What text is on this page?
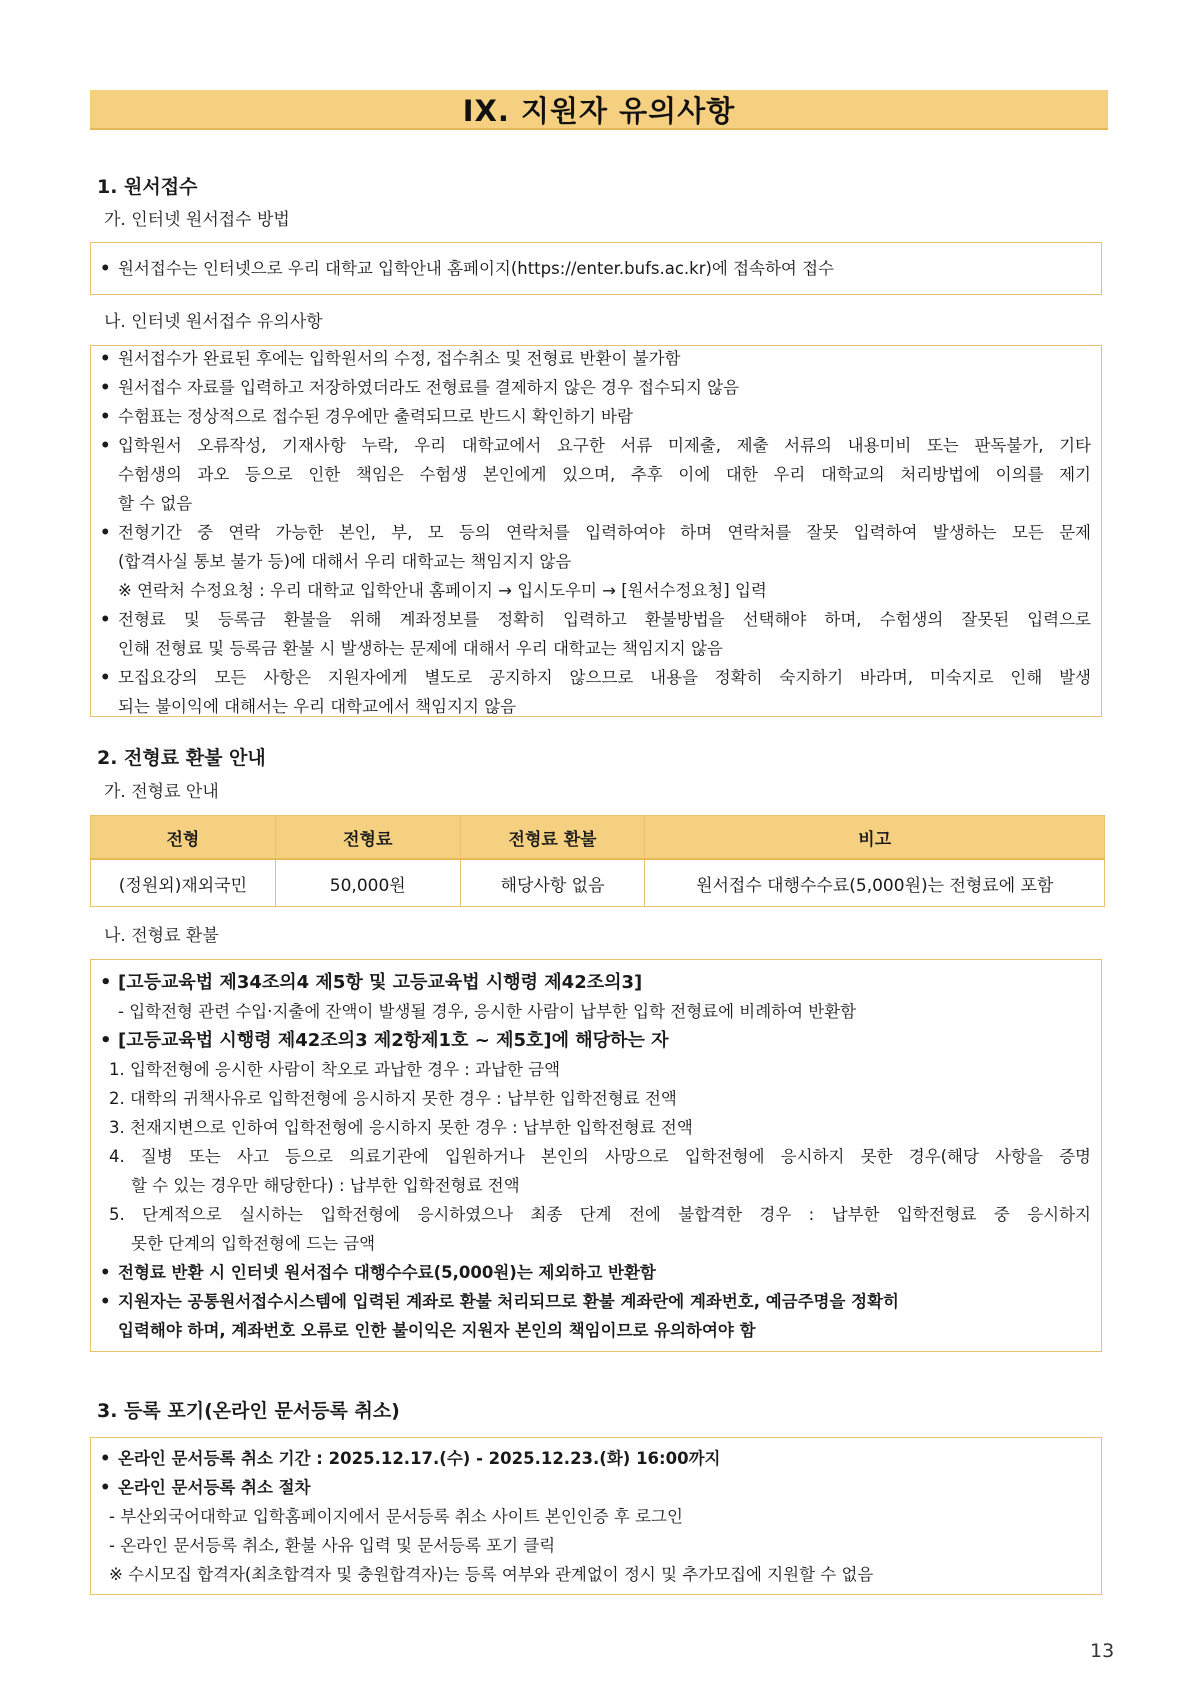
IX. 지원자 유의사항
1. 원서접수
가. 인터넷 원서접수 방법
• 원서접수는 인터넷으로 우리 대학교 입학안내 홈페이지(https://enter.bufs.ac.kr)에 접속하여 접수
나. 인터넷 원서접수 유의사항
• 원서접수가 완료된 후에는 입학원서의 수정, 접수취소 및 전형료 반환이 불가함
• 원서접수 자료를 입력하고 저장하였더라도 전형료를 결제하지 않은 경우 접수되지 않음
• 수험표는 정상적으로 접수된 경우에만 출력되므로 반드시 확인하기 바람
• 입학원서 오류작성, 기재사항 누락, 우리 대학교에서 요구한 서류 미제출, 제출 서류의 내용미비 또는 판독불가, 기타
수험생의 과오 등으로 인한 책임은 수험생 본인에게 있으며, 추후 이에 대한 우리 대학교의 처리방법에 이의를 제기
할 수 없음
• 전형기간 중 연락 가능한 본인, 부, 모 등의 연락처를 입력하여야 하며 연락처를 잘못 입력하여 발생하는 모든 문제
(합격사실 통보 불가 등)에 대해서 우리 대학교는 책임지지 않음
※ 연락처 수정요청 : 우리 대학교 입학안내 홈페이지 → 입시도우미 → [원서수정요청] 입력
• 전형료 및 등록금 환불을 위해 계좌정보를 정확히 입력하고 환불방법을 선택해야 하며, 수험생의 잘못된 입력으로
인해 전형료 및 등록금 환불 시 발생하는 문제에 대해서 우리 대학교는 책임지지 않음
• 모집요강의 모든 사항은 지원자에게 별도로 공지하지 않으므로 내용을 정확히 숙지하기 바라며, 미숙지로 인해 발생
되는 불이익에 대해서는 우리 대학교에서 책임지지 않음
2. 전형료 환불 안내
가. 전형료 안내
전형	전형료	전형료 환불	비고
(정원외)재외국민	50,000원	해당사항 없음	원서접수 대행수수료(5,000원)는 전형료에 포함
나. 전형료 환불
• [고등교육법 제34조의4 제5항 및 고등교육법 시행령 제42조의3]
- 입학전형 관련 수입·지출에 잔액이 발생될 경우, 응시한 사람이 납부한 입학 전형료에 비례하여 반환함
• [고등교육법 시행령 제42조의3 제2항제1호 ~ 제5호]에 해당하는 자
1. 입학전형에 응시한 사람이 착오로 과납한 경우 : 과납한 금액
2. 대학의 귀책사유로 입학전형에 응시하지 못한 경우 : 납부한 입학전형료 전액
3. 천재지변으로 인하여 입학전형에 응시하지 못한 경우 : 납부한 입학전형료 전액
4. 질병 또는 사고 등으로 의료기관에 입원하거나 본인의 사망으로 입학전형에 응시하지 못한 경우(해당 사항을 증명
할 수 있는 경우만 해당한다) : 납부한 입학전형료 전액
5. 단계적으로 실시하는 입학전형에 응시하였으나 최종 단계 전에 불합격한 경우 : 납부한 입학전형료 중 응시하지
못한 단계의 입학전형에 드는 금액
• 전형료 반환 시 인터넷 원서접수 대행수수료(5,000원)는 제외하고 반환함
• 지원자는 공통원서접수시스템에 입력된 계좌로 환불 처리되므로 환불 계좌란에 계좌번호, 예금주명을 정확히
입력해야 하며, 계좌번호 오류로 인한 불이익은 지원자 본인의 책임이므로 유의하여야 함
3. 등록 포기(온라인 문서등록 취소)
• 온라인 문서등록 취소 기간 : 2025.12.17.(수) - 2025.12.23.(화) 16:00까지
• 온라인 문서등록 취소 절차
- 부산외국어대학교 입학홈페이지에서 문서등록 취소 사이트 본인인증 후 로그인
- 온라인 문서등록 취소, 환불 사유 입력 및 문서등록 포기 클릭
※ 수시모집 합격자(최초합격자 및 충원합격자)는 등록 여부와 관계없이 정시 및 추가모집에 지원할 수 없음
13
